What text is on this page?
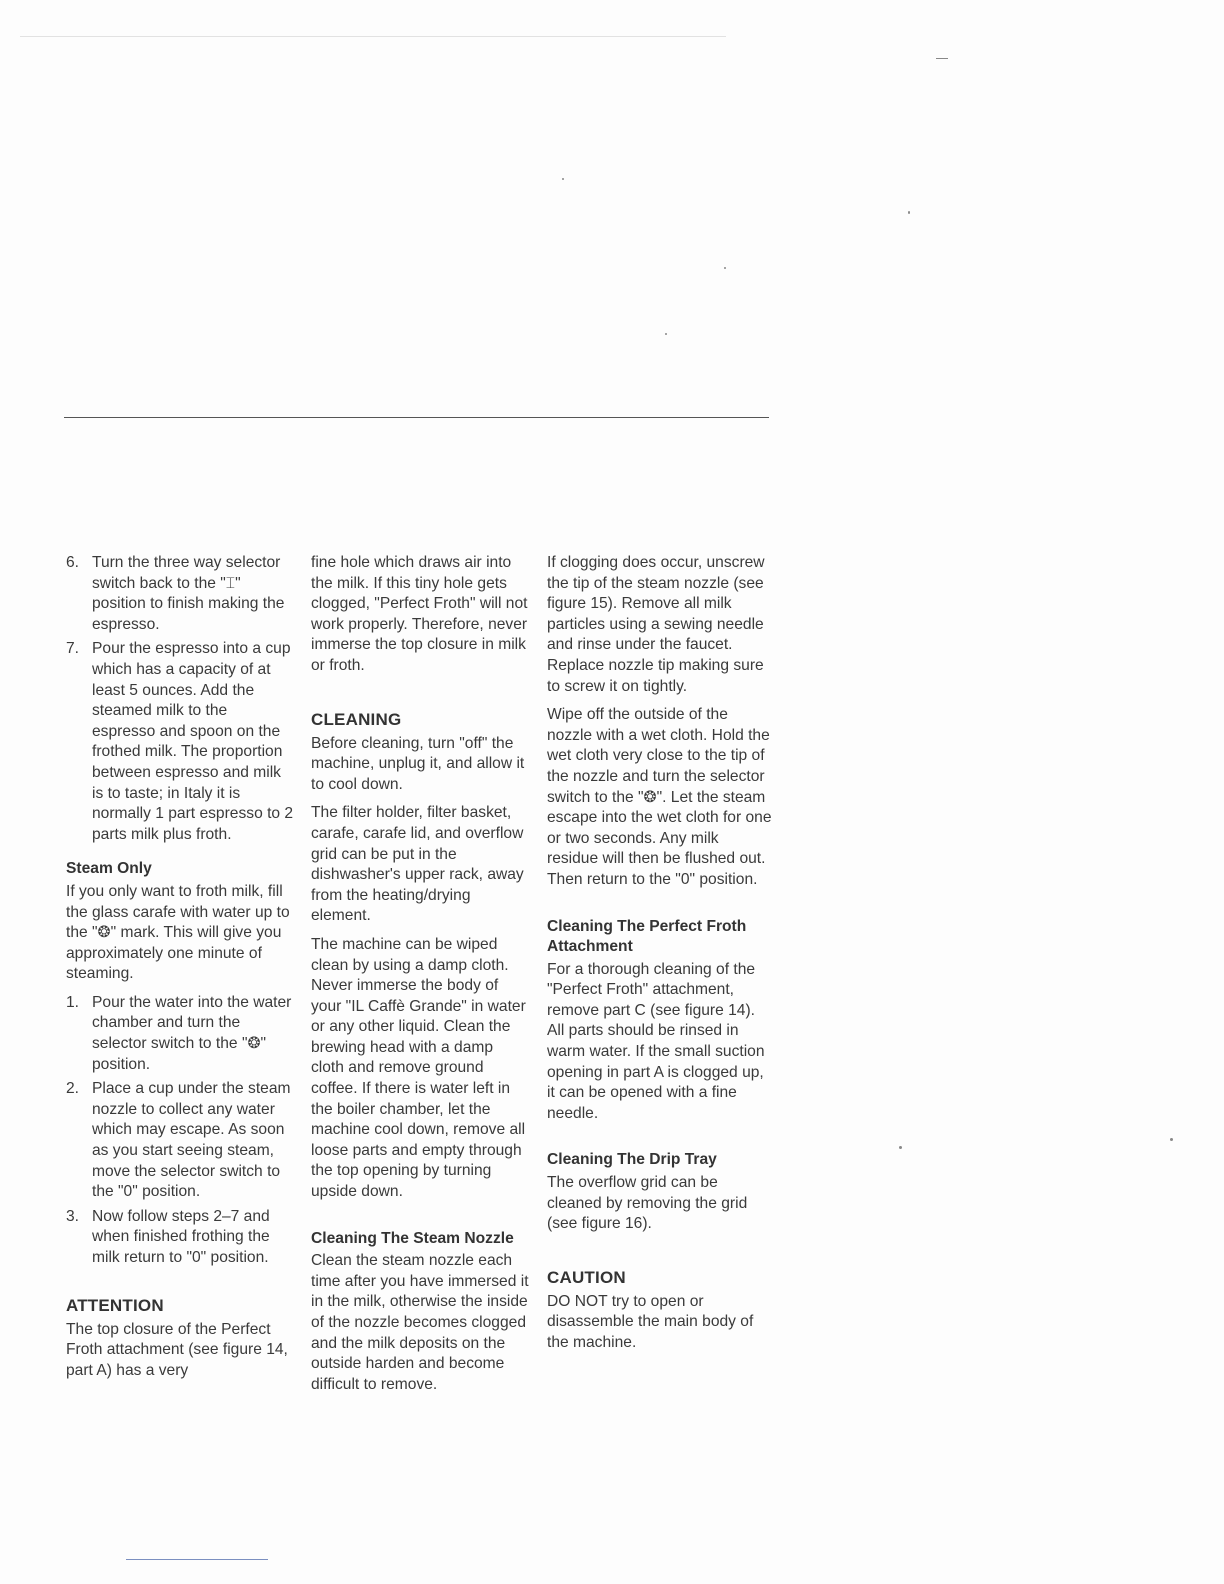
6. Turn the three way selector switch back to the "⌶" position to finish making the espresso.
7. Pour the espresso into a cup which has a capacity of at least 5 ounces. Add the steamed milk to the espresso and spoon on the frothed milk. The proportion between espresso and milk is to taste; in Italy it is normally 1 part espresso to 2 parts milk plus froth.
Steam Only

If you only want to froth milk, fill the glass carafe with water up to the "❂" mark. This will give you approximately one minute of steaming.

1. Pour the water into the water chamber and turn the selector switch to the "❂" position.
2. Place a cup under the steam nozzle to collect any water which may escape. As soon as you start seeing steam, move the selector switch to the "0" position.
3. Now follow steps 2–7 and when finished frothing the milk return to "0" position.
ATTENTION

The top closure of the Perfect Froth attachment (see figure 14, part A) has a very

fine hole which draws air into the milk. If this tiny hole gets clogged, "Perfect Froth" will not work properly. Therefore, never immerse the top closure in milk or froth.

CLEANING

Before cleaning, turn "off" the machine, unplug it, and allow it to cool down.

The filter holder, filter basket, carafe, carafe lid, and overflow grid can be put in the dishwasher's upper rack, away from the heating/drying element.

The machine can be wiped clean by using a damp cloth. Never immerse the body of your "IL Caffè Grande" in water or any other liquid. Clean the brewing head with a damp cloth and remove ground coffee. If there is water left in the boiler chamber, let the machine cool down, remove all loose parts and empty through the top opening by turning upside down.

Cleaning The Steam Nozzle

Clean the steam nozzle each time after you have immersed it in the milk, otherwise the inside of the nozzle becomes clogged and the milk deposits on the outside harden and become difficult to remove.

If clogging does occur, unscrew the tip of the steam nozzle (see figure 15). Remove all milk particles using a sewing needle and rinse under the faucet. Replace nozzle tip making sure to screw it on tightly.

Wipe off the outside of the nozzle with a wet cloth. Hold the wet cloth very close to the tip of the nozzle and turn the selector switch to the "❂". Let the steam escape into the wet cloth for one or two seconds. Any milk residue will then be flushed out. Then return to the "0" position.

Cleaning The Perfect Froth Attachment

For a thorough cleaning of the "Perfect Froth" attachment, remove part C (see figure 14). All parts should be rinsed in warm water. If the small suction opening in part A is clogged up, it can be opened with a fine needle.

Cleaning The Drip Tray

The overflow grid can be cleaned by removing the grid (see figure 16).

CAUTION

DO NOT try to open or disassemble the main body of the machine.
